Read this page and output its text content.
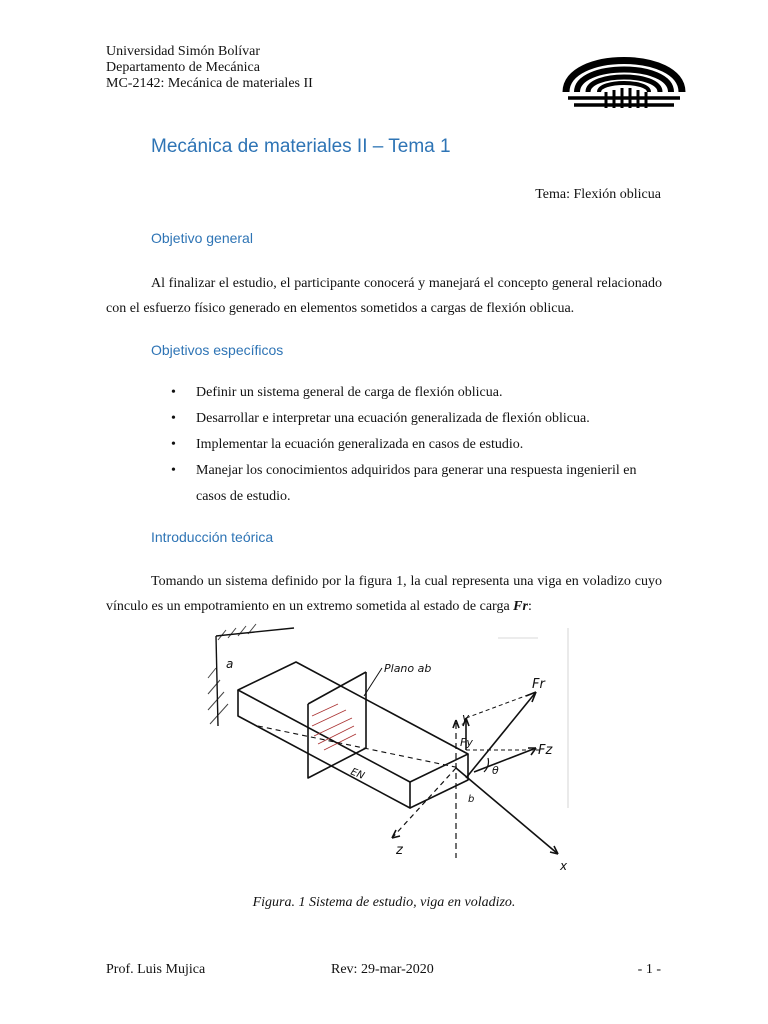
Universidad Simón Bolívar
Departamento de Mecánica
MC-2142: Mecánica de materiales II
Mecánica de materiales II – Tema 1
Tema: Flexión oblicua
Objetivo general

Al finalizar el estudio, el participante conocerá y manejará el concepto general relacionado con el esfuerzo físico generado en elementos sometidos a cargas de flexión oblicua.

Objetivos específicos
• Definir un sistema general de carga de flexión oblicua.
• Desarrollar e interpretar una ecuación generalizada de flexión oblicua.
• Implementar la ecuación generalizada en casos de estudio.
• Manejar los conocimientos adquiridos para generar una respuesta ingenieril en casos de estudio.
Introducción teórica

Tomando un sistema definido por la figura 1, la cual representa una viga en voladizo cuyo vínculo es un empotramiento en un extremo sometida al estado de carga Fr:

a	Plano ab
y
Fr
Fy
Fz
θ
b
EN
z
x
Figura. 1 Sistema de estudio, viga en voladizo.
Prof. Luis Mujica	Rev: 29-mar-2020	- 1 -
